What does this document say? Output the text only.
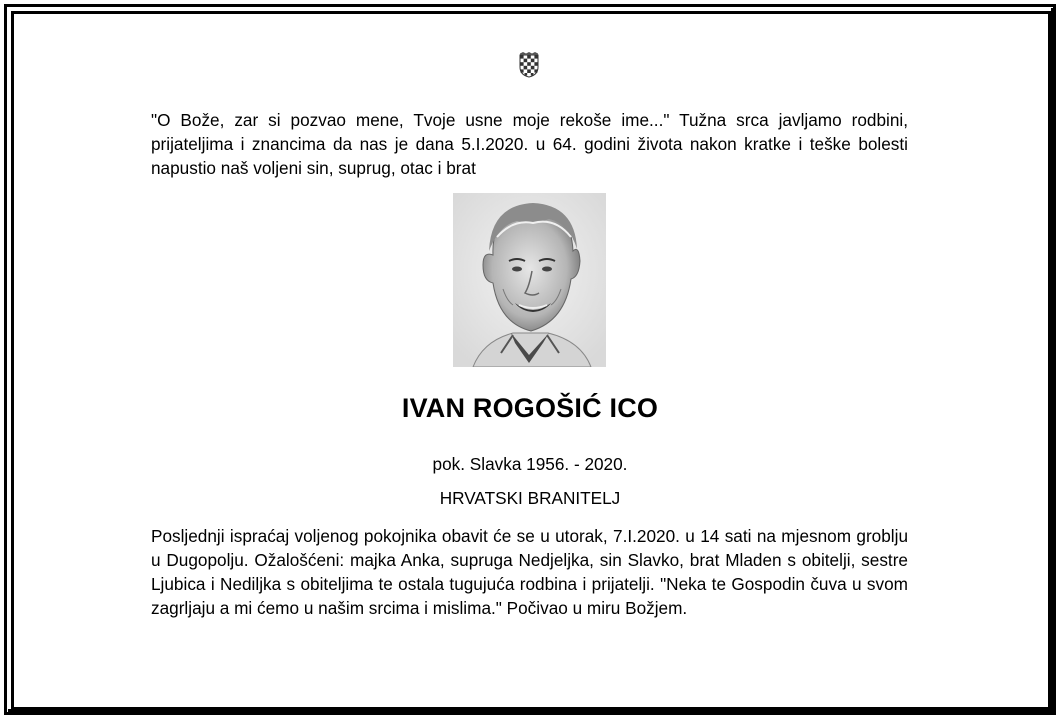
"O Bože, zar si pozvao mene, Tvoje usne moje rekoše ime..." Tužna srca javljamo rodbini, prijateljima i znancima da nas je dana 5.I.2020. u 64. godini života nakon kratke i teške bolesti napustio naš voljeni sin, suprug, otac i brat

IVAN ROGOŠIĆ ICO

pok. Slavka 1956. - 2020.

HRVATSKI BRANITELJ

Posljednji ispraćaj voljenog pokojnika obavit će se u utorak, 7.I.2020. u 14 sati na mjesnom groblju u Dugopolju. Ožalošćeni: majka Anka, supruga Nedjeljka, sin Slavko, brat Mladen s obitelji, sestre Ljubica i Nediljka s obiteljima te ostala tugujuća rodbina i prijatelji. "Neka te Gospodin čuva u svom zagrljaju a mi ćemo u našim srcima i mislima." Počivao u miru Božjem.
